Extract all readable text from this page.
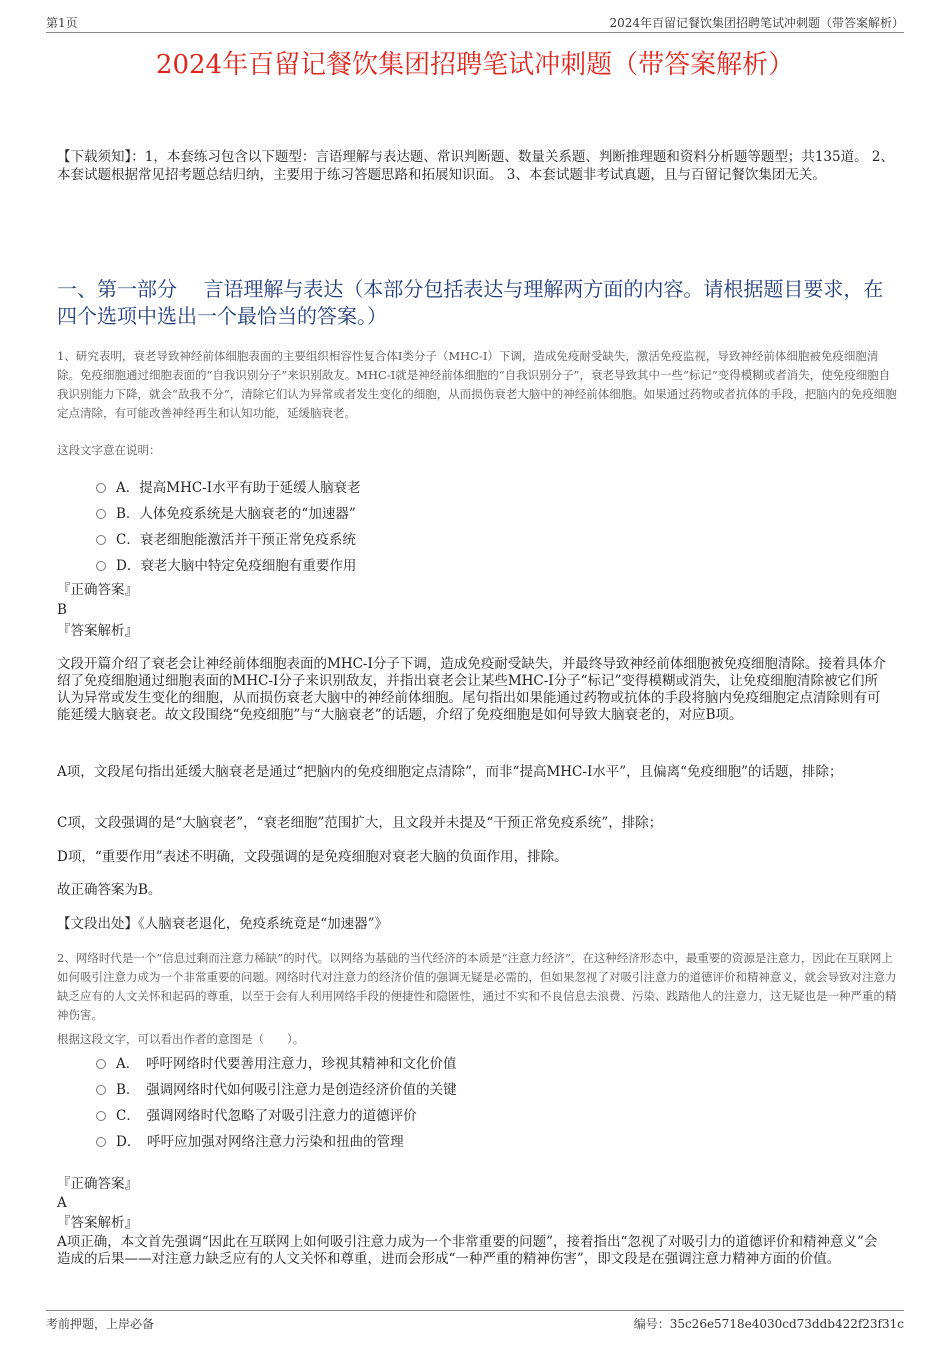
第1页	2024年百留记餐饮集团招聘笔试冲刺题（带答案解析）
2024年百留记餐饮集团招聘笔试冲刺题（带答案解析）
【下载须知】：1，本套练习包含以下题型：言语理解与表达题、常识判断题、数量关系题、判断推理题和资料分析题等题型；共135道。 2、本套试题根据常见招考题总结归纳，主要用于练习答题思路和拓展知识面。 3、本套试题非考试真题，且与百留记餐饮集团无关。
一、第一部分　 言语理解与表达（本部分包括表达与理解两方面的内容。请根据题目要求，在四个选项中选出一个最恰当的答案。）
1、研究表明，衰老导致神经前体细胞表面的主要组织相容性复合体I类分子（MHC-I）下调，造成免疫耐受缺失，激活免疫监视，导致神经前体细胞被免疫细胞清除。免疫细胞通过细胞表面的“自我识别分子”来识别敌友。MHC-I就是神经前体细胞的“自我识别分子”，衰老导致其中一些“标记”变得模糊或者消失，使免疫细胞自我识别能力下降，就会“敌我不分”，清除它们认为异常或者发生变化的细胞，从而损伤衰老大脑中的神经前体细胞。如果通过药物或者抗体的手段，把脑内的免疫细胞定点清除，有可能改善神经再生和认知功能，延缓脑衰老。
这段文字意在说明：
A．提高MHC-I水平有助于延缓人脑衰老
B．人体免疫系统是大脑衰老的“加速器”
C．衰老细胞能激活并干预正常免疫系统
D．衰老大脑中特定免疫细胞有重要作用
『正确答案』
B
『答案解析』
文段开篇介绍了衰老会让神经前体细胞表面的MHC-I分子下调，造成免疫耐受缺失，并最终导致神经前体细胞被免疫细胞清除。接着具体介绍了免疫细胞通过细胞表面的MHC-I分子来识别敌友，并指出衰老会让某些MHC-I分子“标记”变得模糊或消失，让免疫细胞清除被它们所认为异常或发生变化的细胞，从而损伤衰老大脑中的神经前体细胞。尾句指出如果能通过药物或抗体的手段将脑内免疫细胞定点清除则有可能延缓大脑衰老。故文段围绕“免疫细胞”与“大脑衰老”的话题，介绍了免疫细胞是如何导致大脑衰老的，对应B项。
A项，文段尾句指出延缓大脑衰老是通过“把脑内的免疫细胞定点清除”，而非“提高MHC-I水平”，且偏离“免疫细胞”的话题，排除；
C项，文段强调的是“大脑衰老”，“衰老细胞”范围扩大，且文段并未提及“干预正常免疫系统”，排除；
D项，“重要作用”表述不明确，文段强调的是免疫细胞对衰老大脑的负面作用，排除。
故正确答案为B。
【文段出处】《人脑衰老退化，免疫系统竟是“加速器”》
2、网络时代是一个“信息过剩而注意力稀缺”的时代。以网络为基础的当代经济的本质是“注意力经济”，在这种经济形态中，最重要的资源是注意力，因此在互联网上如何吸引注意力成为一个非常重要的问题。网络时代对注意力的经济价值的强调无疑是必需的，但如果忽视了对吸引注意力的道德评价和精神意义，就会导致对注意力缺乏应有的人文关怀和起码的尊重，以至于会有人利用网络手段的便捷性和隐匿性，通过不实和不良信息去浪费、污染、践踏他人的注意力，这无疑也是一种严重的精神伤害。
根据这段文字，可以看出作者的意图是（　　）。
A．　呼吁网络时代要善用注意力，珍视其精神和文化价值
B．　强调网络时代如何吸引注意力是创造经济价值的关键
C．　强调网络时代忽略了对吸引注意力的道德评价
D．　呼吁应加强对网络注意力污染和扭曲的管理
『正确答案』
A
『答案解析』
A项正确，本文首先强调“因此在互联网上如何吸引注意力成为一个非常重要的问题”，接着指出“忽视了对吸引力的道德评价和精神意义”会造成的后果——对注意力缺乏应有的人文关怀和尊重，进而会形成“一种严重的精神伤害”，即文段是在强调注意力精神方面的价值。
考前押题，上岸必备	编号：35c26e5718e4030cd73ddb422f23f31c
